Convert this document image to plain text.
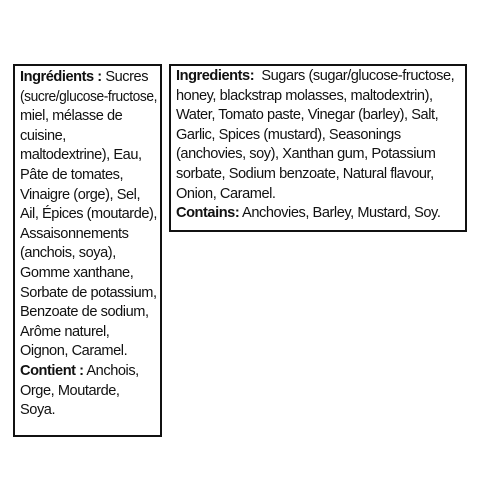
Ingrédients : Sucres
(sucre/glucose-fructose,
miel, mélasse de
cuisine,
maltodextrine), Eau,
Pâte de tomates,
Vinaigre (orge), Sel,
Ail, Épices (moutarde),
Assaisonnements
(anchois, soya),
Gomme xanthane,
Sorbate de potassium,
Benzoate de sodium,
Arôme naturel,
Oignon, Caramel.
Contient : Anchois,
Orge, Moutarde,
Soya.
Ingredients:  Sugars (sugar/glucose-fructose,
honey, blackstrap molasses, maltodextrin),
Water, Tomato paste, Vinegar (barley), Salt,
Garlic, Spices (mustard), Seasonings
(anchovies, soy), Xanthan gum, Potassium
sorbate, Sodium benzoate, Natural flavour,
Onion, Caramel.
Contains: Anchovies, Barley, Mustard, Soy.
